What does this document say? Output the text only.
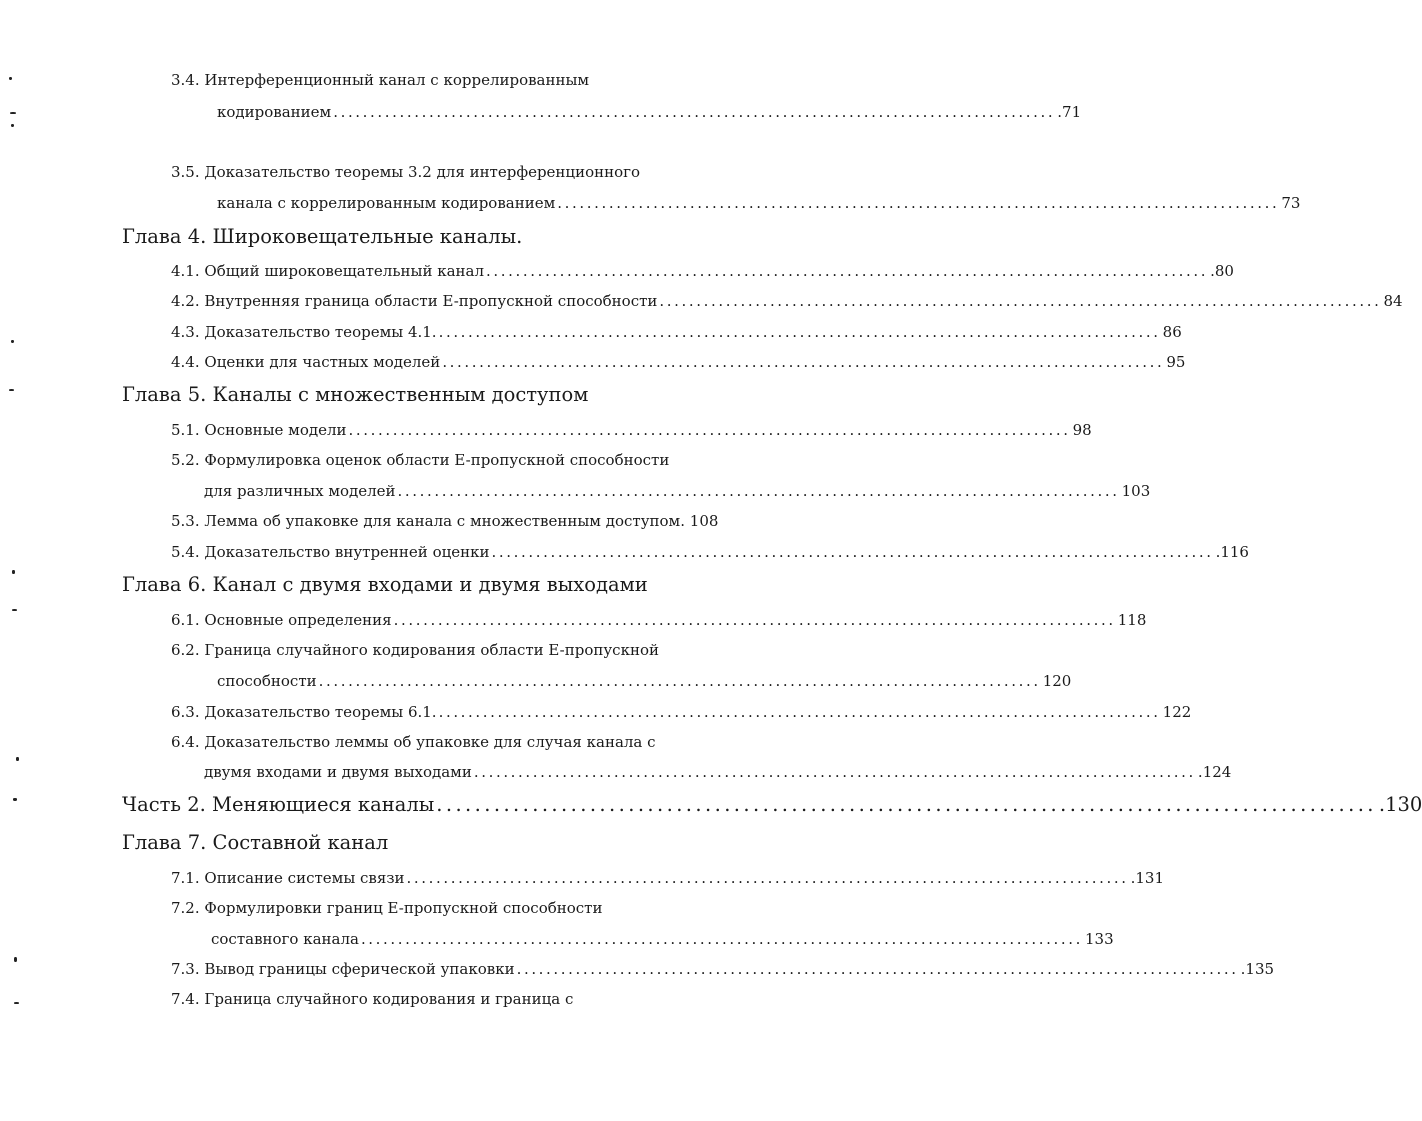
3.4. Интерференционный канал с коррелированным
кодированием .................................................................................................. .71
3.5. Доказательство теоремы 3.2 для интерференционного
канала с коррелированным кодированием .................................................................................................. 73
Глава 4. Широковещательные каналы.
4.1.
Общий широковещательный канал .................................................................................................. .80
4.2.
Внутренняя граница области E-пропускной способности .................................................................................................. 84
4.3.
Доказательство теоремы 4.1. .................................................................................................. 86
4.4.
Оценки для частных моделей .................................................................................................. 95
Глава 5. Каналы с множественным доступом
5.1.
Основные модели .................................................................................................. 98
5.2. Формулировка оценок области E-пропускной способности
для различных моделей .................................................................................................. 103
5.3.
Лемма об упаковке для канала с множественным доступом.
108
5.4.
Доказательство внутренней оценки .................................................................................................. .116
Глава 6. Канал с двумя входами и двумя выходами
6.1.
Основные определения .................................................................................................. 118
6.2. Граница случайного кодирования области E-пропускной
способности .................................................................................................. 120
6.3.
Доказательство теоремы 6.1. .................................................................................................. 122
6.4. Доказательство леммы об упаковке для случая канала с
двумя входами и двумя выходами .................................................................................................. .124
Часть 2.
Меняющиеся каналы .................................................................................................. .130
Глава 7. Составной канал
7.1.
Описание системы связи .................................................................................................. .131
7.2. Формулировки границ E-пропускной способности
составного канала .................................................................................................. 133
7.3.
Вывод границы сферической упаковки .................................................................................................. .135
7.4. Граница случайного кодирования и граница с
